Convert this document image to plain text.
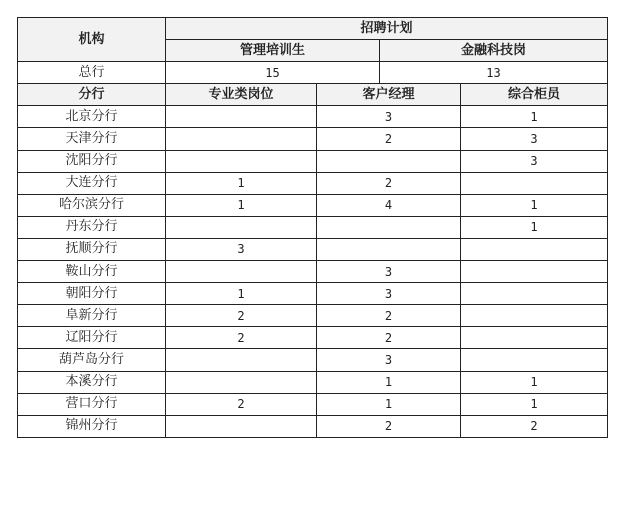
机构	招聘计划			
	管理培训生		金融科技岗	
总行	15		13	
分行	专业类岗位	客户经理		综合柜员
北京分行		3		1
天津分行		2		3
沈阳分行				3
大连分行	1	2		
哈尔滨分行	1	4		1
丹东分行				1
抚顺分行	3			
鞍山分行		3		
朝阳分行	1	3		
阜新分行	2	2		
辽阳分行	2	2		
葫芦岛分行		3		
本溪分行		1		1
营口分行	2	1		1
锦州分行		2		2
